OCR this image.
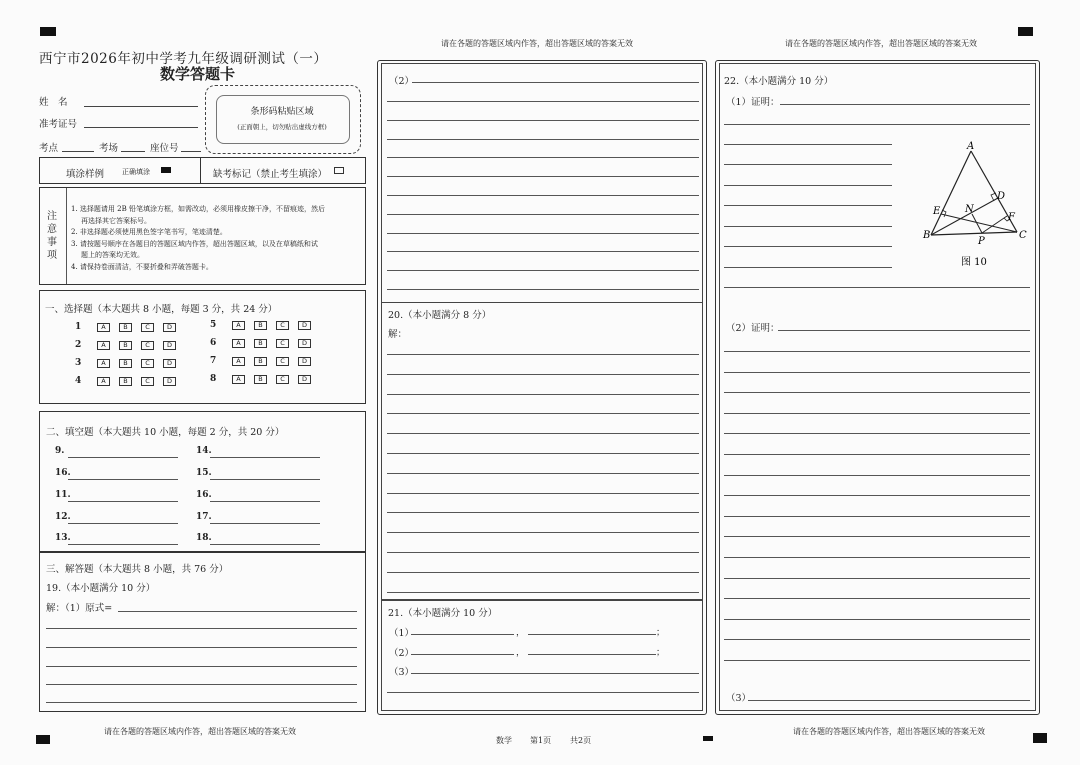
请在各题的答题区域内作答，超出答题区域的答案无效	请在各题的答题区域内作答，超出答题区域的答案无效
西宁市2026年初中学考九年级调研测试（一）
数学答题卡
姓　名
准考证号
考点	考场	座位号
条形码粘贴区域
(正面朝上，切勿贴出虚线方框)
填涂样例	正确填涂	缺考标记（禁止考生填涂）
注
意
事
项
1. 选择题请用 2B 铅笔填涂方框，如需改动，必须用橡皮擦干净，不留痕迹，然后
再选择其它答案标号。
2. 非选择题必须使用黑色签字笔书写，笔迹清楚。
3. 请按题号顺序在各题目的答题区域内作答，超出答题区域，以及在草稿纸和试
题上的答案均无效。
4. 请保持卷面清洁，不要折叠和弄破答题卡。
一、选择题（本大题共 8 小题，每题 3 分，共 24 分）
1	A	B	C	D
2	A	B	C	D
3	A	B	C	D
4	A	B	C	D
5	A	B	C	D
6	A	B	C	D
7	A	B	C	D
8	A	B	C	D
二、填空题（本大题共 10 小题，每题 2 分，共 20 分）
9.
16.
11.
12.
13.
14.
15.
16.
17.
18.
三、解答题（本大题共 8 小题，共 76 分）
19.（本小题满分 10 分）
解：（1）原式=
请在各题的答题区域内作答，超出答题区域的答案无效
（2）
20.（本小题满分 8 分）
解：
21.（本小题满分 10 分）
（1）	，	；
（2）	，	；
（3）
22.（本小题满分 10 分）
（1）证明：
A
B	C
D
E N
F
P
图 10
（2）证明：
（3）
数学 第1页 共2页
请在各题的答题区域内作答，超出答题区域的答案无效
